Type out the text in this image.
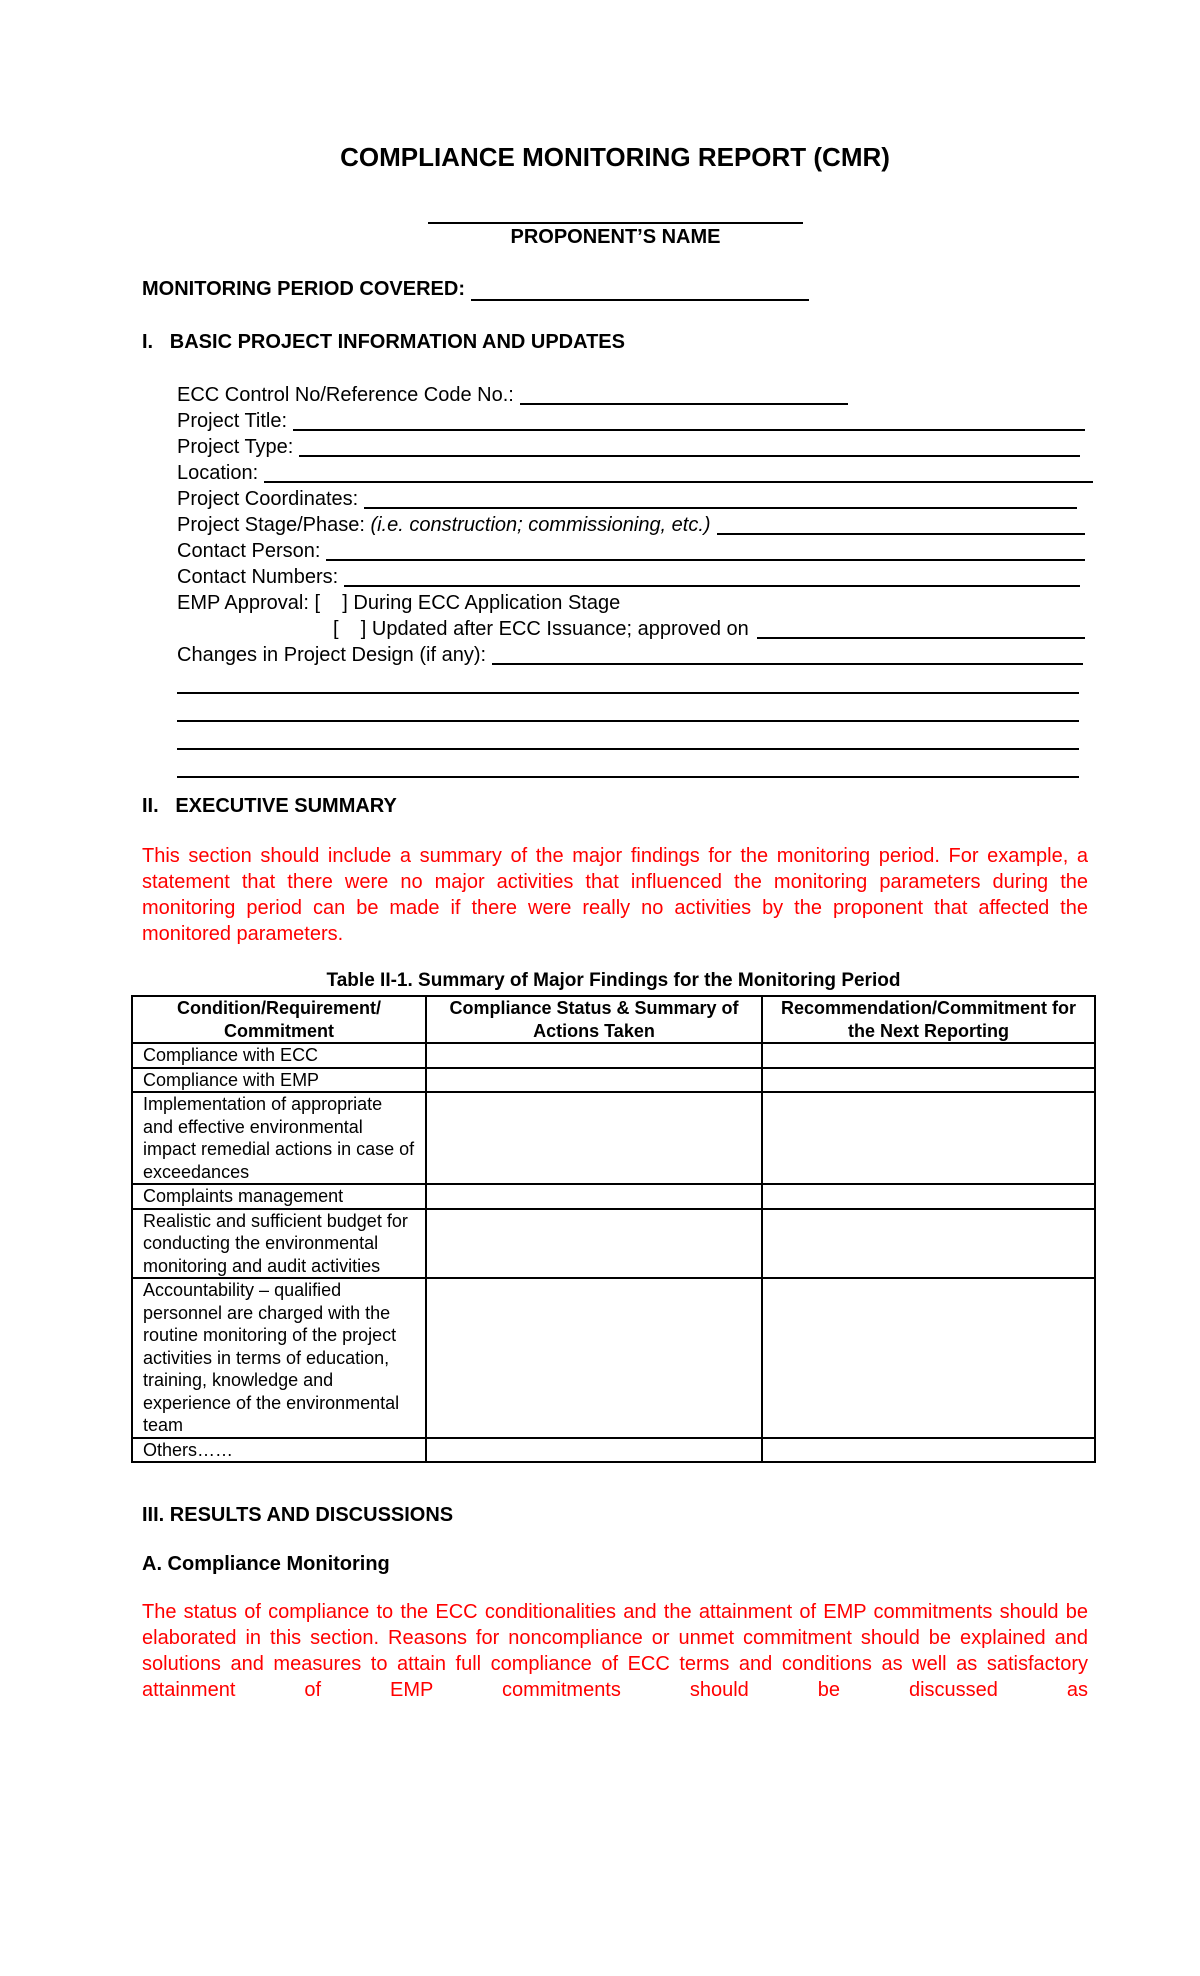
COMPLIANCE MONITORING REPORT (CMR)
PROPONENT’S NAME
MONITORING PERIOD COVERED:
I.   BASIC PROJECT INFORMATION AND UPDATES
ECC Control No/Reference Code No.:
Project Title:
Project Type:
Location:
Project Coordinates:
Project Stage/Phase:
(i.e. construction; commissioning, etc.)
Contact Person:
Contact Numbers:
EMP Approval:
[    ] During ECC Application Stage
[    ] Updated after ECC Issuance; approved on
Changes in Project Design (if any):
II.   EXECUTIVE SUMMARY
This section should include a summary of the major findings for the monitoring period. For example, a statement that there were no major activities that influenced the monitoring parameters during the monitoring period can be made if there were really no activities by the proponent that affected the monitored parameters.
Table II-1. Summary of Major Findings for the Monitoring Period
Condition/Requirement/ Commitment	Compliance Status & Summary of Actions Taken	Recommendation/Commitment for the Next Reporting
Compliance with ECC		
Compliance with EMP		
Implementation of appropriate and effective environmental impact remedial actions in case of exceedances		
Complaints management		
Realistic and sufficient budget for conducting the environmental monitoring and audit activities		
Accountability – qualified personnel are charged with the routine monitoring of the project activities in terms of education, training, knowledge and experience of the environmental team		
Others……		
III. RESULTS AND DISCUSSIONS
A. Compliance Monitoring
The status of compliance to the ECC conditionalities and the attainment of EMP commitments should be elaborated in this section. Reasons for noncompliance or unmet commitment should be explained and solutions and measures to attain full compliance of ECC terms and conditions as well as satisfactory attainment of EMP commitments should be discussed as
